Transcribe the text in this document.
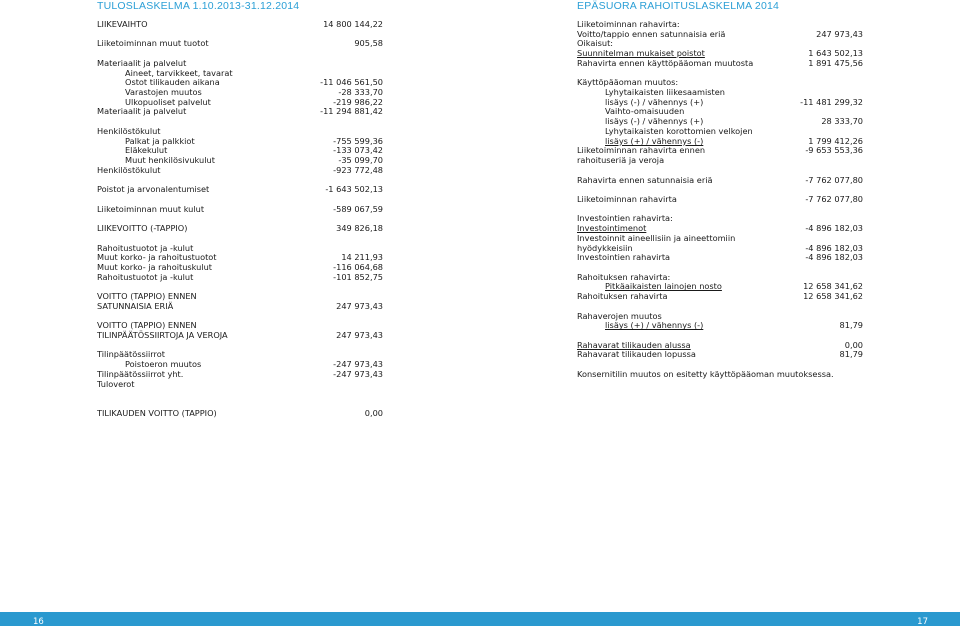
TULOSLASKELMA 1.10.2013-31.12.2014	EPÄSUORA RAHOITUSLASKELMA 2014
LIIKEVAIHTO	14 800 144,22
Liiketoiminnan muut tuotot	905,58
Materiaalit ja palvelut
Aineet, tarvikkeet, tavarat
Ostot tilikauden aikana	-11 046 561,50
Varastojen muutos	-28 333,70
Ulkopuoliset palvelut	-219 986,22
Materiaalit ja palvelut	-11 294 881,42
Henkilöstökulut
Palkat ja palkkiot	-755 599,36
Eläkekulut	-133 073,42
Muut henkilösivukulut	-35 099,70
Henkilöstökulut	-923 772,48
Poistot ja arvonalentumiset	-1 643 502,13
Liiketoiminnan muut kulut	-589 067,59
LIIKEVOITTO (-TAPPIO)	349 826,18
Rahoitustuotot ja -kulut
Muut korko- ja rahoitustuotot	14 211,93
Muut korko- ja rahoituskulut	-116 064,68
Rahoitustuotot ja -kulut	-101 852,75
VOITTO (TAPPIO) ENNEN
SATUNNAISIA ERIÄ	247 973,43
VOITTO (TAPPIO) ENNEN
TILINPÄÄTÖSSIIRTOJA JA VEROJA	247 973,43
Tilinpäätössiirrot
Poistoeron muutos	-247 973,43
Tilinpäätössiirrot yht.	-247 973,43
Tuloverot
TILIKAUDEN VOITTO (TAPPIO)	0,00
Liiketoiminnan rahavirta:
Voitto/tappio ennen satunnaisia eriä	247 973,43
Oikaisut:
Suunnitelman mukaiset poistot	1 643 502,13
Rahavirta ennen käyttöpääoman muutosta	1 891 475,56
Käyttöpääoman muutos:
Lyhytaikaisten liikesaamisten
lisäys (-) / vähennys (+)	-11 481 299,32
Vaihto-omaisuuden
lisäys (-) / vähennys (+)	28 333,70
Lyhytaikaisten korottomien velkojen
lisäys (+) / vähennys (-)	1 799 412,26
Liiketoiminnan rahavirta ennen	-9 653 553,36
rahoituseriä ja veroja
Rahavirta ennen satunnaisia eriä	-7 762 077,80
Liiketoiminnan rahavirta	-7 762 077,80
Investointien rahavirta:
Investointimenot	-4 896 182,03
Investoinnit aineellisiin ja aineettomiin
hyödykkeisiin	-4 896 182,03
Investointien rahavirta	-4 896 182,03
Rahoituksen rahavirta:
Pitkäaikaisten lainojen nosto	12 658 341,62
Rahoituksen rahavirta	12 658 341,62
Rahaverojen muutos
lisäys (+) / vähennys (-)	81,79
Rahavarat tilikauden alussa	0,00
Rahavarat tilikauden lopussa	81,79
Konsernitilin muutos on esitetty käyttöpääoman muutoksessa.
16	17
